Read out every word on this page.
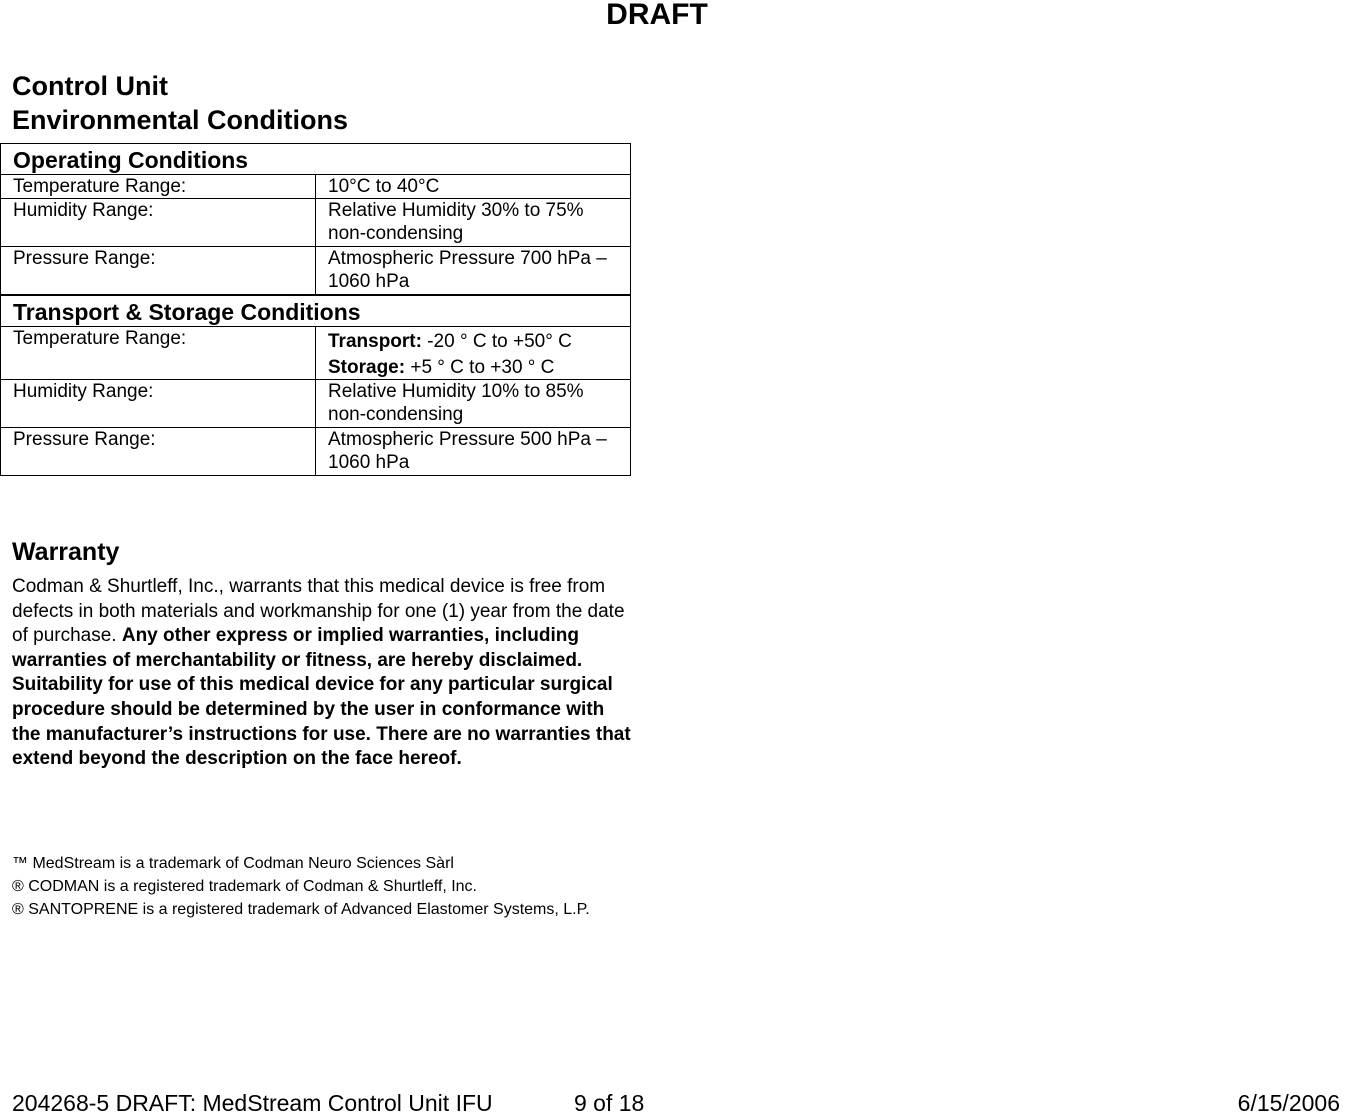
DRAFT
Control Unit
Environmental Conditions
Operating Conditions	
Temperature Range:	10°C to 40°C
Humidity Range:	Relative Humidity 30% to 75% non-condensing
Pressure Range:	Atmospheric Pressure 700 hPa – 1060 hPa
Transport & Storage Conditions	
Temperature Range:	Transport: -20 ° C to +50° C
Storage: +5 ° C to +30 ° C

Humidity Range:	Relative Humidity 10% to 85% non-condensing
Pressure Range:	Atmospheric Pressure 500 hPa – 1060 hPa
Warranty
Codman & Shurtleff, Inc., warrants that this medical device is free from defects in both materials and workmanship for one (1) year from the date of purchase. Any other express or implied warranties, including warranties of merchantability or fitness, are hereby disclaimed. Suitability for use of this medical device for any particular surgical procedure should be determined by the user in conformance with the manufacturer’s instructions for use. There are no warranties that extend beyond the description on the face hereof.
™ MedStream is a trademark of Codman Neuro Sciences Sàrl
® CODMAN is a registered trademark of Codman & Shurtleff, Inc.
® SANTOPRENE is a registered trademark of Advanced Elastomer Systems, L.P.
204268-5 DRAFT: MedStream Control Unit IFU	9 of 18	6/15/2006
